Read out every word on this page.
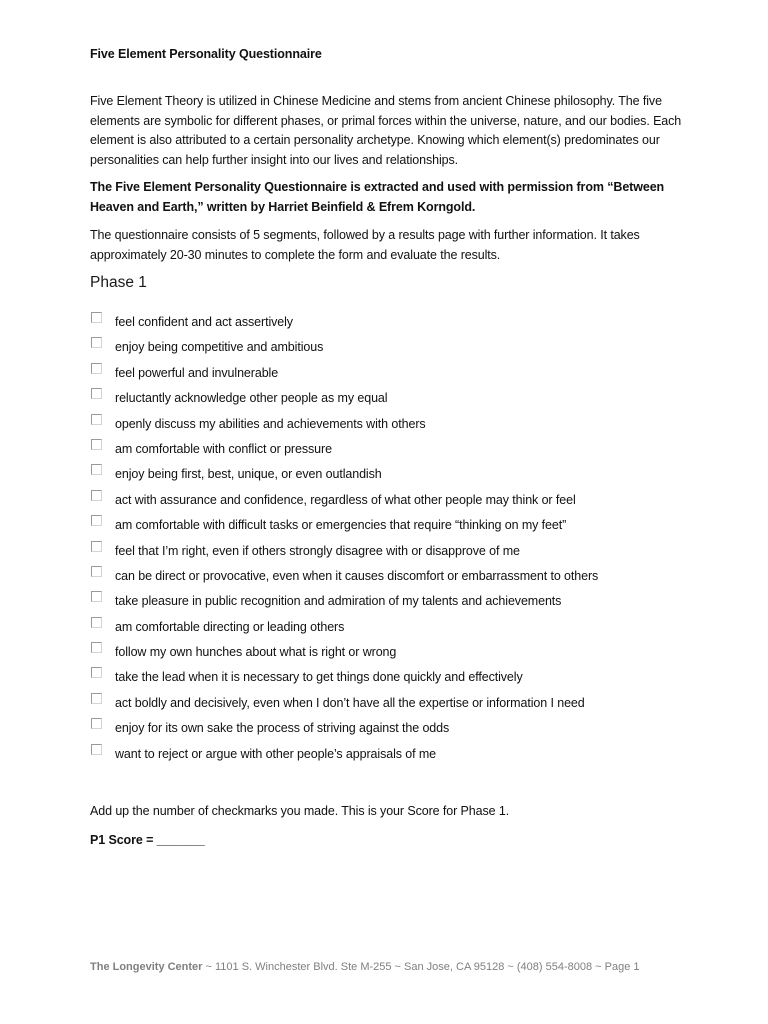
Five Element Personality Questionnaire
Five Element Theory is utilized in Chinese Medicine and stems from ancient Chinese philosophy. The five elements are symbolic for different phases, or primal forces within the universe, nature, and our bodies. Each element is also attributed to a certain personality archetype. Knowing which element(s) predominates our personalities can help further insight into our lives and relationships.
The Five Element Personality Questionnaire is extracted and used with permission from “Between Heaven and Earth,” written by Harriet Beinfield & Efrem Korngold.
The questionnaire consists of 5 segments, followed by a results page with further information. It takes approximately 20-30 minutes to complete the form and evaluate the results.
Phase 1
feel confident and act assertively
enjoy being competitive and ambitious
feel powerful and invulnerable
reluctantly acknowledge other people as my equal
openly discuss my abilities and achievements with others
am comfortable with conflict or pressure
enjoy being first, best, unique, or even outlandish
act with assurance and confidence, regardless of what other people may think or feel
am comfortable with difficult tasks or emergencies that require “thinking on my feet”
feel that I’m right, even if others strongly disagree with or disapprove of me
can be direct or provocative, even when it causes discomfort or embarrassment to others
take pleasure in public recognition and admiration of my talents and achievements
am comfortable directing or leading others
follow my own hunches about what is right or wrong
take the lead when it is necessary to get things done quickly and effectively
act boldly and decisively, even when I don’t have all the expertise or information I need
enjoy for its own sake the process of striving against the odds
want to reject or argue with other people’s appraisals of me
Add up the number of checkmarks you made. This is your Score for Phase 1.
P1 Score = _______
The Longevity Center ~ 1101 S. Winchester Blvd. Ste M-255 ~ San Jose, CA 95128 ~ (408) 554-8008 ~ Page 1
